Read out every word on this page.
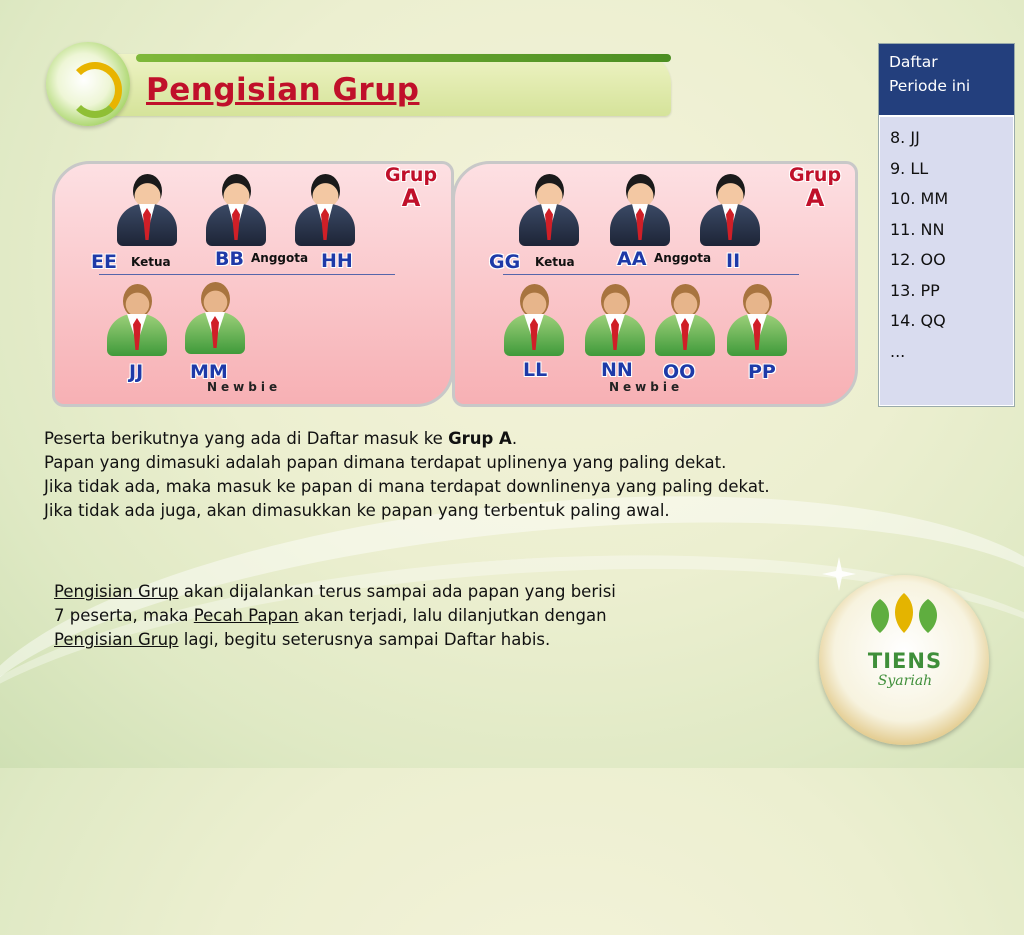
Pengisian Grup
Grup
A
EE Ketua BB Anggota HH
JJ MM
Newbie
Grup
A
GG Ketua AA Anggota II
LL	NN OO	PP
Newbie

Peserta berikutnya yang ada di Daftar masuk ke Grup A.
Papan yang dimasuki adalah papan dimana terdapat uplinenya yang paling dekat.
Jika tidak ada, maka masuk ke papan di mana terdapat downlinenya yang paling dekat.
Jika tidak ada juga, akan dimasukkan ke papan yang terbentuk paling awal.

Pengisian Grup akan dijalankan terus sampai ada papan yang berisi
7 peserta, maka Pecah Papan akan terjadi, lalu dilanjutkan dengan
Pengisian Grup lagi, begitu seterusnya sampai Daftar habis.

Daftar
Periode ini
8. JJ
9. LL
10. MM
11. NN
12. OO
13. PP
14. QQ
...

TIENS

Syariah
